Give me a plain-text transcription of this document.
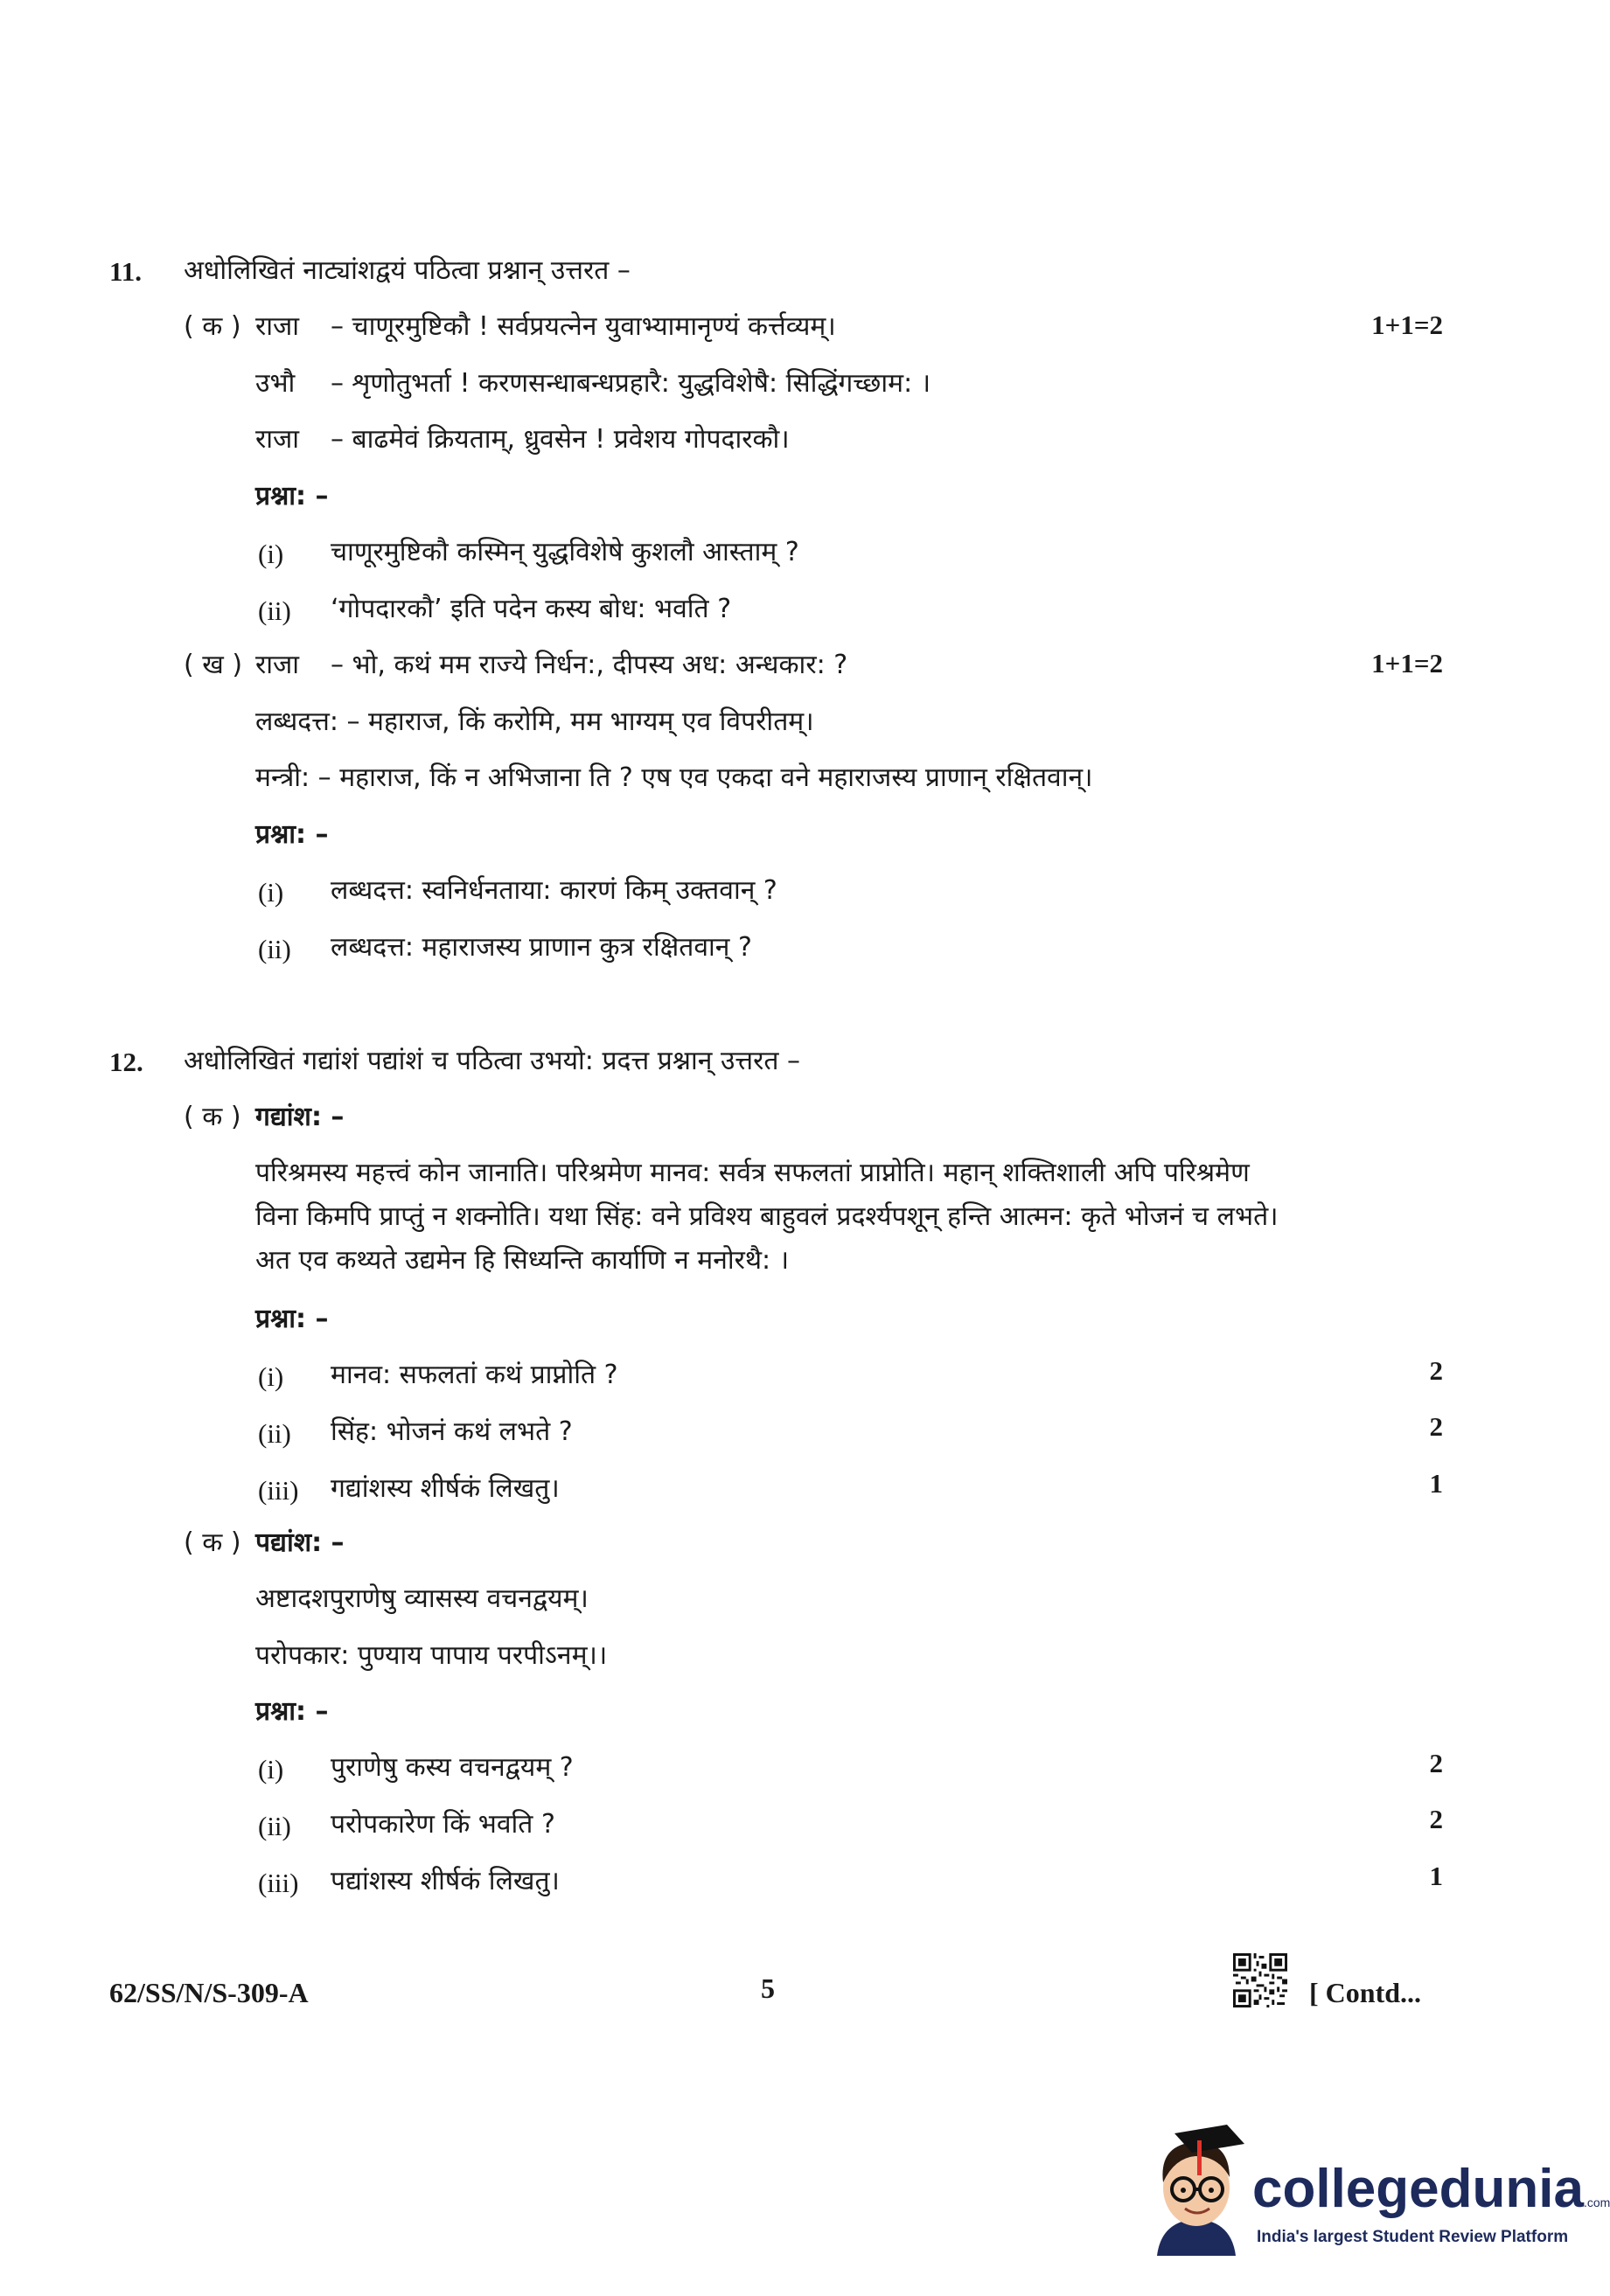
11. अधोलिखितं नाट्यांशद्वयं पठित्वा प्रश्नान् उत्तरत –
( क ) राजा – चाणूरमुष्टिकौ ! सर्वप्रयत्नेन युवाभ्यामानृण्यं कर्त्तव्यम्।	1+1=2
उभौ – शृणोतुभर्ता ! करणसन्धाबन्धप्रहारै: युद्धविशेषै: सिद्धिंगच्छाम: ।
राजा – बाढमेवं क्रियताम्, ध्रुवसेन ! प्रवेशय गोपदारकौ।
प्रश्ना: –
(i) चाणूरमुष्टिकौ कस्मिन् युद्धविशेषे कुशलौ आस्ताम् ?
(ii) ‘गोपदारकौ’ इति पदेन कस्य बोध: भवति ?
( ख ) राजा – भो, कथं मम राज्ये निर्धन:, दीपस्य अध: अन्धकार: ?	1+1=2
लब्धदत्त: – महाराज, किं करोमि, मम भाग्यम् एव विपरीतम्।
मन्त्री: – महाराज, किं न अभिजाना ति ? एष एव एकदा वने महाराजस्य प्राणान् रक्षितवान्।
प्रश्ना: –
(i) लब्धदत्त: स्वनिर्धनताया: कारणं किम् उक्तवान् ?
(ii) लब्धदत्त: महाराजस्य प्राणान कुत्र रक्षितवान् ?
12. अधोलिखितं गद्यांशं पद्यांशं च पठित्वा उभयो: प्रदत्त प्रश्नान् उत्तरत –
( क ) गद्यांश: –
परिश्रमस्य महत्त्वं कोन जानाति। परिश्रमेण मानव: सर्वत्र सफलतां प्राप्नोति। महान् शक्तिशाली अपि परिश्रमेण
विना किमपि प्राप्तुं न शक्नोति। यथा सिंह: वने प्रविश्य बाहुवलं प्रदर्श्यपशून् हन्ति आत्मन: कृते भोजनं च लभते।
अत एव कथ्यते उद्यमेन हि सिध्यन्ति कार्याणि न मनोरथै: ।
प्रश्ना: –
(i) मानव: सफलतां कथं प्राप्नोति ?	2
(ii) सिंह: भोजनं कथं लभते ?	2
(iii) गद्यांशस्य शीर्षकं लिखतु।	1
( क ) पद्यांश: –
अष्टादशपुराणेषु व्यासस्य वचनद्वयम्।
परोपकार: पुण्याय पापाय परपीऽनम्।।
प्रश्ना: –
(i) पुराणेषु कस्य वचनद्वयम् ?	2
(ii) परोपकारेण किं भवति ?	2
(iii) पद्यांशस्य शीर्षकं लिखतु।	1
62/SS/N/S-309-A	5	[ Contd...
collegedunia.com
India's largest Student Review Platform
